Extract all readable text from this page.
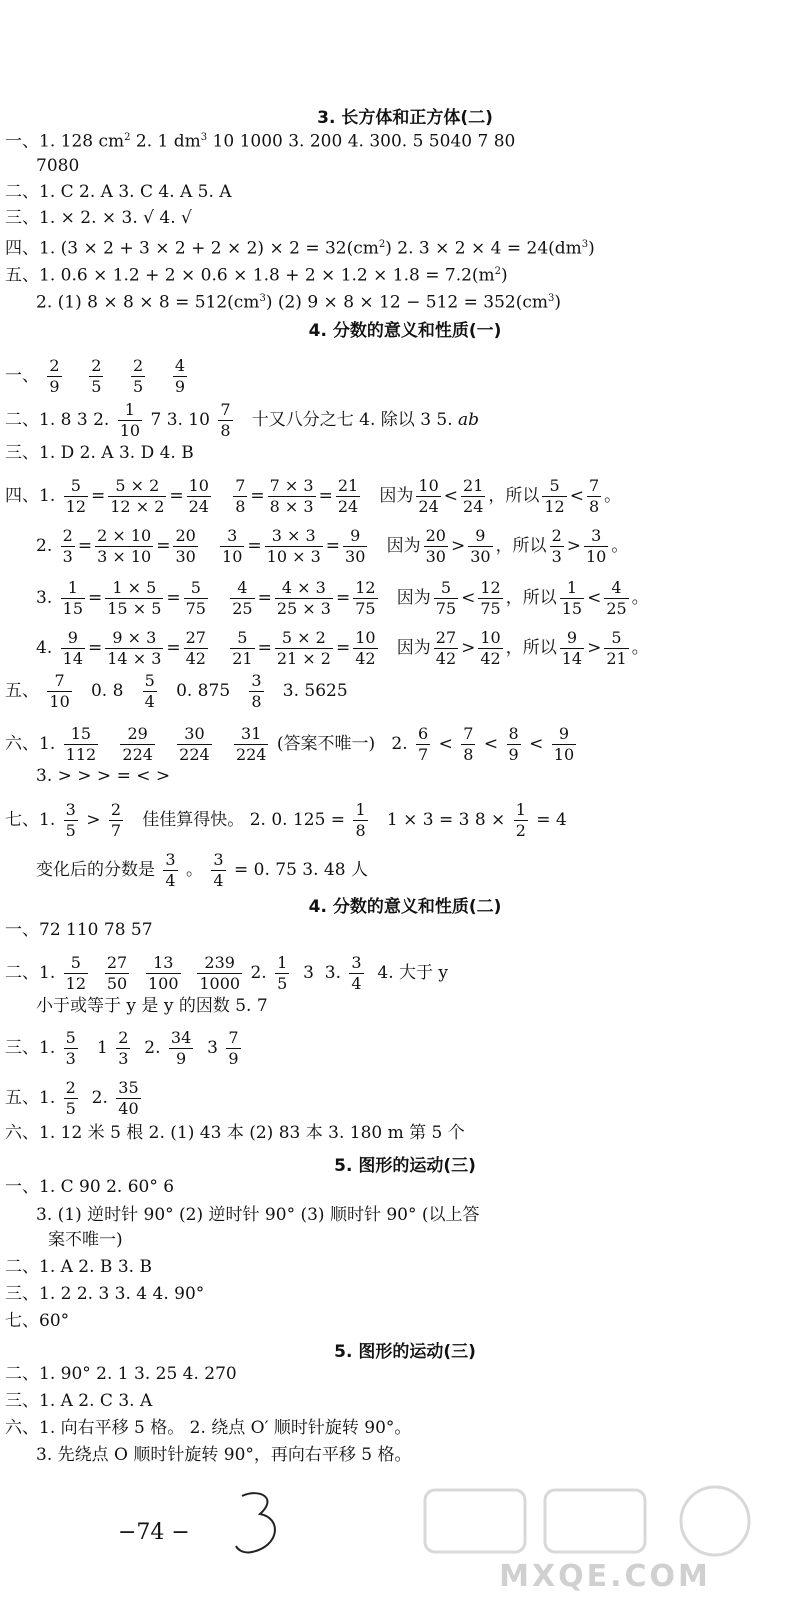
3. 长方体和正方体(二)
一、1. 128 $cm^2$ 2. 1 $dm^3$ 10 1000 3. 200 4. 300. 5 5040 7 80
7080
二、1. C 2. A 3. C 4. A 5. A
三、1. × 2. × 3. √ 4. √
四、1. $(3 \times 2 + 3 \times 2 + 2 \times 2) \times 2 = 32(cm^2)$ 2. $3 \times 2 \times 4 = 24(dm^3)$
五、1. $0.6 \times 1.2 + 2 \times 0.6 \times 1.8 + 2 \times 1.2 \times 1.8 = 7.2(m^2)$
2. (1) $8 \times 8 \times 8 = 512(cm^3)$ (2) $9 \times 8 \times 12 - 512 = 352(cm^3)$
4. 分数的意义和性质(一)
一、 $\frac{2}{9}$
$\frac{2}{5}$
$\frac{2}{5}$
$\frac{4}{9}$
二、1. 8 3 2. $\frac{1}{10} 7$ 3. $10 \frac{7}{8}$ 十又八分之七 4. 除以 3 5. ab
三、1. D 2. A 3. D 4. B
四、1. $\frac{5}{12} = \frac{5 \times 2}{12 \times 2} = \frac{10}{24}$
$\frac{7}{8} = \frac{7 \times 3}{8 \times 3} = \frac{21}{24}$ 因为 $\frac{10}{24} < \frac{21}{24}$ ，所以 $\frac{5}{12} < \frac{7}{8}$ 。
2. $\frac{2}{3} = \frac{2 \times 10}{3 \times 10} = \frac{20}{30}$
$\frac{3}{10} = \frac{3 \times 3}{10 \times 3} = \frac{9}{30}$ 因为 $\frac{20}{30} > \frac{9}{30}$ ，所以 $\frac{2}{3} > \frac{3}{10}$ 。
3. $\frac{1}{15} = \frac{1 \times 5}{15 \times 5} = \frac{5}{75}$
$\frac{4}{25} = \frac{4 \times 3}{25 \times 3} = \frac{12}{75}$ 因为 $\frac{5}{75} < \frac{12}{75}$ ，所以 $\frac{1}{15} < \frac{4}{25}$ 。
4. $\frac{9}{14} = \frac{9 \times 3}{14 \times 3} = \frac{27}{42}$
$\frac{5}{21} = \frac{5 \times 2}{21 \times 2} = \frac{10}{42}$ 因为 $\frac{27}{42} > \frac{10}{42}$ ，所以 $\frac{9}{14} > \frac{5}{21}$ 。
五、 $\frac{7}{10} 0$. $8 \frac{5}{4} 0$. $875 \frac{3}{8} 3$. 5625
六、1. $\frac{15}{112}$
$\frac{29}{224}$
$\frac{30}{224}$
$\frac{31}{224}$ (答案不唯一) 2. $\frac{6}{7} < \frac{7}{8} < \frac{8}{9} < \frac{9}{10}$
3. > > > = < >
七、1. $\frac{3}{5} > \frac{2}{7}$ 佳佳算得快。 2. 0. $125 = \frac{1}{8} 1 \times 3 = 3$ $8 \times \frac{1}{2} = 4$
变化后的分数是 $\frac{3}{4}$ 。 $\frac{3}{4} = 0$. 75 3. 48 人
4. 分数的意义和性质(二)
一、72 110 78 57
二、1. $\frac{5}{12}$
$\frac{27}{50}$
$\frac{13}{100}$
$\frac{239}{1000} 2$. $\frac{1}{5} 3$ 3. $\frac{3}{4} 4$. 大于 y
小于或等于 y 是 y 的因数 5. 7
三、1. $\frac{5}{3} 1 \frac{2}{3} 2$. $\frac{34}{9} 3 \frac{7}{9}$
五、1. $\frac{2}{5} 2$. $\frac{35}{40}$
六、1. 12 米 5 根 2. (1) 43 本 (2) 83 本 3. 180 m 第 5 个
5. 图形的运动(三)
一、1. C 90 2. 60° 6
3. (1) 逆时针 90° (2) 逆时针 90° (3) 顺时针 90° (以上答
案不唯一)
二、1. A 2. B 3. B
三、1. 2 2. 3 3. 4 4. 90°
七、60°
5. 图形的运动(三)
二、1. 90° 2. 1 3. 25 4. 270
三、1. A 2. C 3. A
六、1. 向右平移 5 格。 2. 绕点 O′ 顺时针旋转 90°。
3. 先绕点 O 顺时针旋转 90°，再向右平移 5 格。
−74 −
MXQE.COM
